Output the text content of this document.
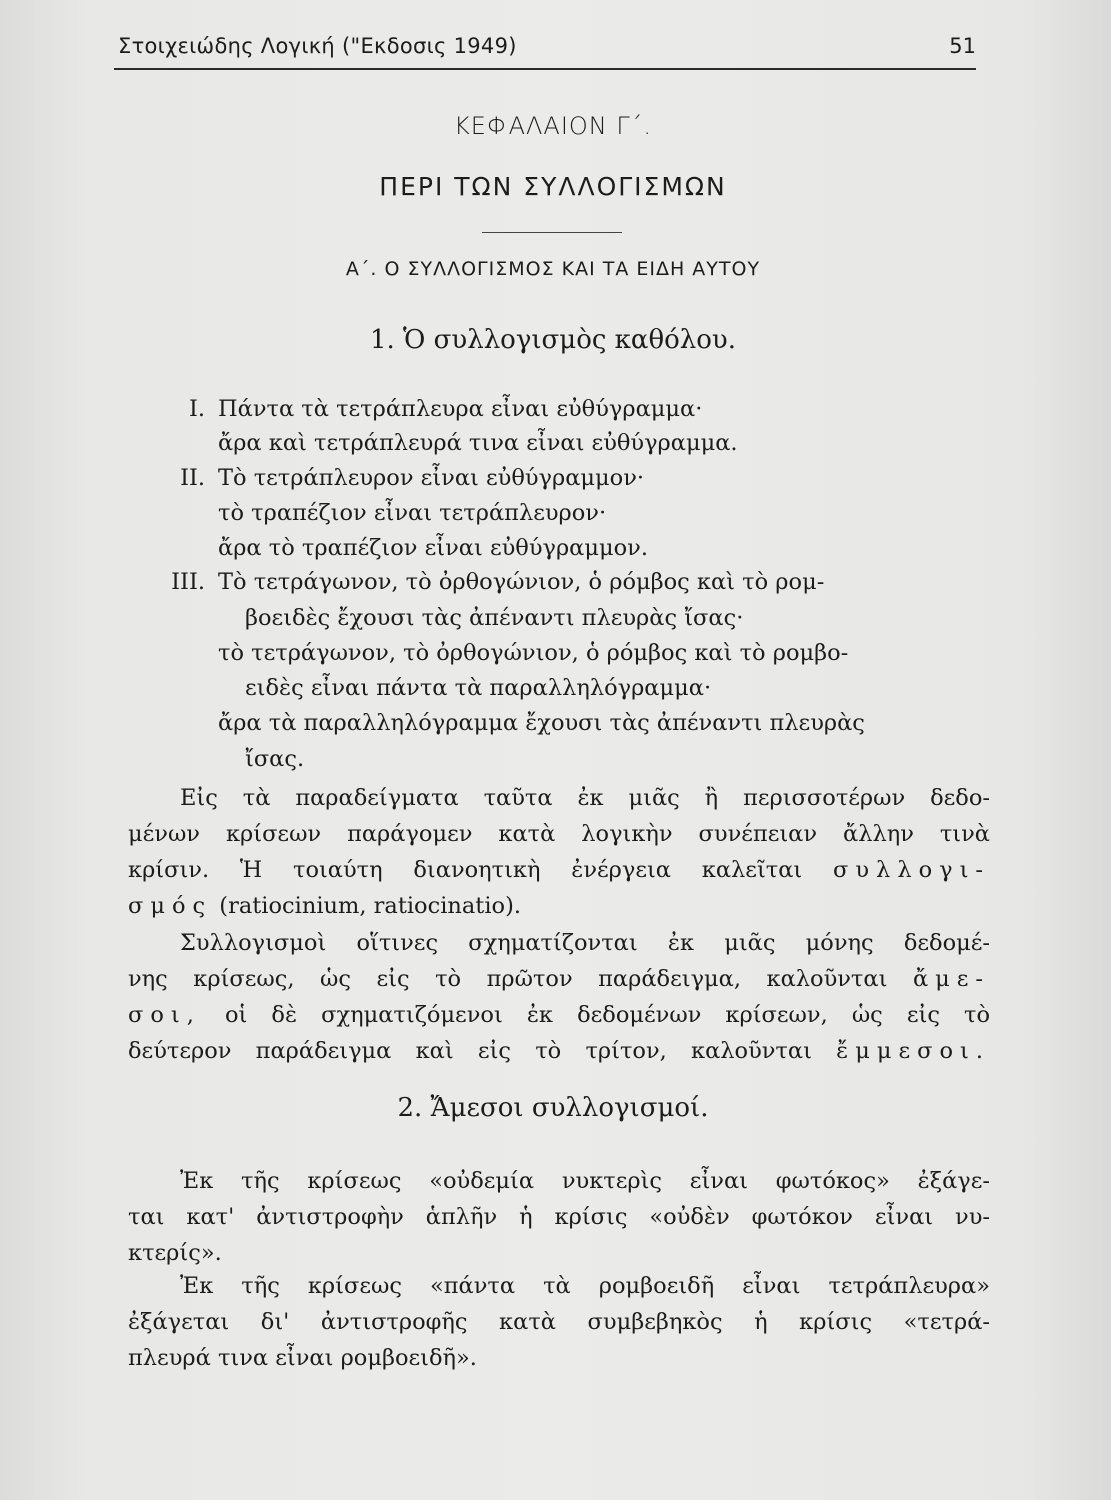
Στοιχειώδης Λογική ("Εκδοσις 1949)	51
ΚΕΦΑΛΑΙΟΝ Γ΄.
ΠΕΡΙ ΤΩΝ ΣΥΛΛΟΓΙΣΜΩΝ
Α΄. Ο ΣΥΛΛΟΓΙΣΜΟΣ ΚΑΙ ΤΑ ΕΙΔΗ ΑΥΤΟΥ
1. Ὁ συλλογισμὸς καθόλου.
I. Πάντα τὰ τετράπλευρα εἶναι εὐθύγραμμα·
ἄρα καὶ τετράπλευρά τινα εἶναι εὐθύγραμμα.
II. Τὸ τετράπλευρον εἶναι εὐθύγραμμον·
τὸ τραπέζιον εἶναι τετράπλευρον·
ἄρα τὸ τραπέζιον εἶναι εὐθύγραμμον.
III. Τὸ τετράγωνον, τὸ ὀρθογώνιον, ὁ ρόμβος καὶ τὸ ρομ-
βοειδὲς ἔχουσι τὰς ἀπέναντι πλευρὰς ἴσας·
τὸ τετράγωνον, τὸ ὀρθογώνιον, ὁ ρόμβος καὶ τὸ ρομβο-
ειδὲς εἶναι πάντα τὰ παραλληλόγραμμα·
ἄρα τὰ παραλληλόγραμμα ἔχουσι τὰς ἀπέναντι πλευρὰς
ἴσας.
Εἰς τὰ παραδείγματα ταῦτα ἐκ μιᾶς ἢ περισσοτέρων δεδο-
μένων κρίσεων παράγομεν κατὰ λογικὴν συνέπειαν ἄλλην τινὰ
κρίσιν. Ἡ τοιαύτη διανοητικὴ ἐνέργεια καλεῖται συλλογι-
σμός (ratiocinium, ratiocinatio).
Συλλογισμοὶ οἵτινες σχηματίζονται ἐκ μιᾶς μόνης δεδομέ-
νης κρίσεως, ὡς εἰς τὸ πρῶτον παράδειγμα, καλοῦνται ἄμε-
σοι, οἱ δὲ σχηματιζόμενοι ἐκ δεδομένων κρίσεων, ὡς εἰς τὸ
δεύτερον παράδειγμα καὶ εἰς τὸ τρίτον, καλοῦνται ἔμμεσοι.
2. Ἄμεσοι συλλογισμοί.
Ἐκ τῆς κρίσεως «οὐδεμία νυκτερὶς εἶναι φωτόκος» ἐξάγε-
ται κατ' ἀντιστροφὴν ἁπλῆν ἡ κρίσις «οὐδὲν φωτόκον εἶναι νυ-
κτερίς».
Ἐκ τῆς κρίσεως «πάντα τὰ ρομβοειδῆ εἶναι τετράπλευρα»
ἐξάγεται δι' ἀντιστροφῆς κατὰ συμβεβηκὸς ἡ κρίσις «τετρά-
πλευρά τινα εἶναι ρομβοειδῆ».
